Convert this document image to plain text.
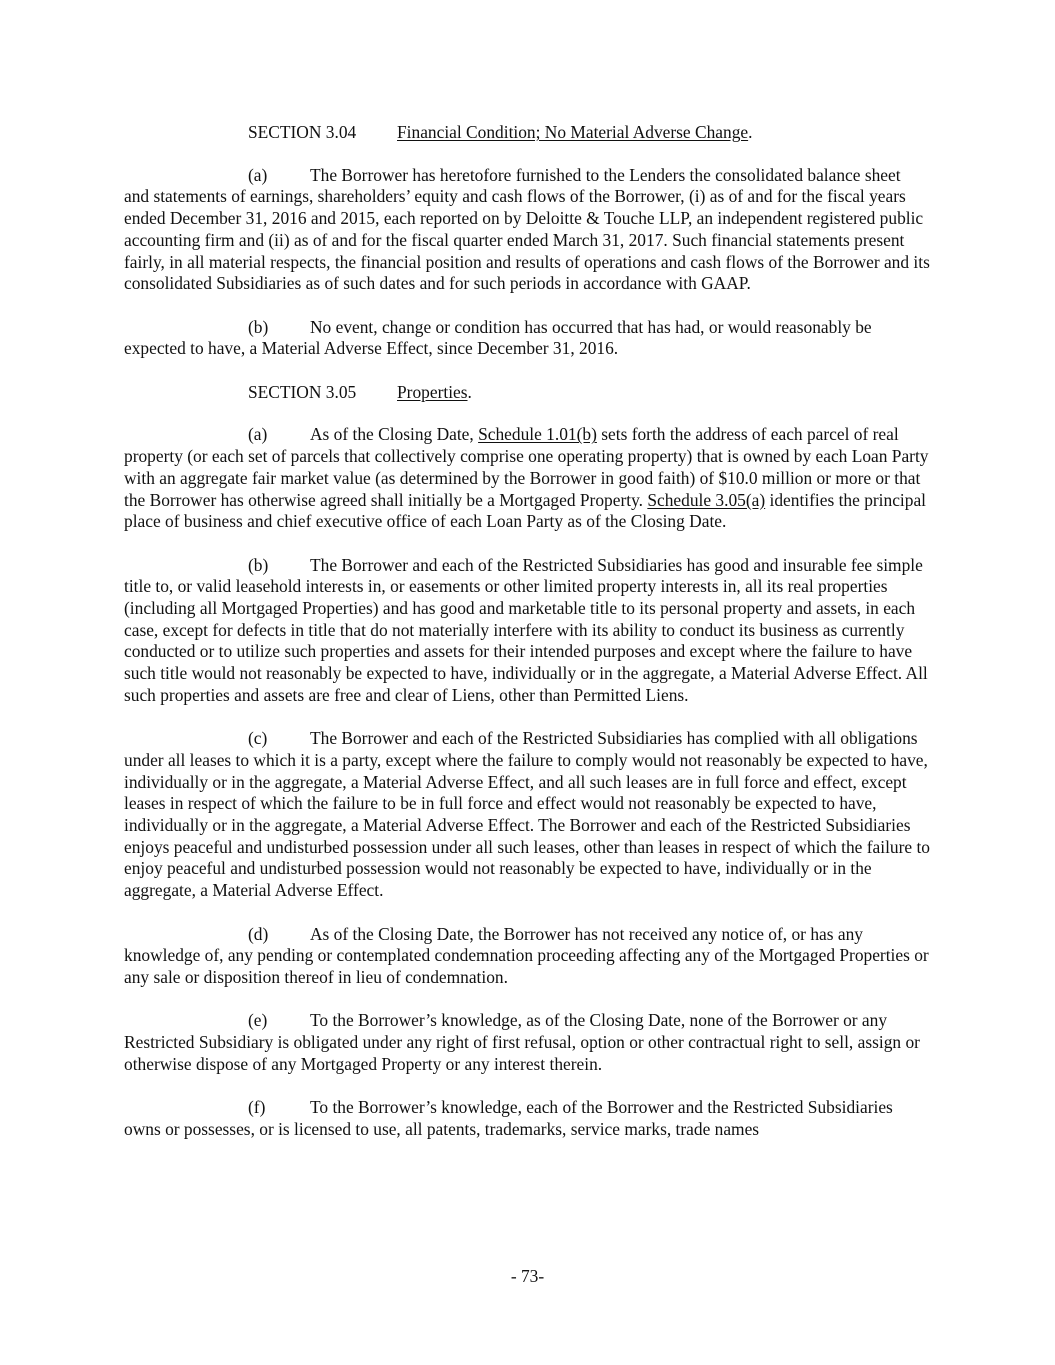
SECTION 3.04 Financial Condition; No Material Adverse Change.

(a) The Borrower has heretofore furnished to the Lenders the consolidated balance sheet and statements of earnings, shareholders’ equity and cash flows of the Borrower, (i) as of and for the fiscal years ended December 31, 2016 and 2015, each reported on by Deloitte & Touche LLP, an independent registered public accounting firm and (ii) as of and for the fiscal quarter ended March 31, 2017. Such financial statements present fairly, in all material respects, the financial position and results of operations and cash flows of the Borrower and its consolidated Subsidiaries as of such dates and for such periods in accordance with GAAP.

(b) No event, change or condition has occurred that has had, or would reasonably be expected to have, a Material Adverse Effect, since December 31, 2016.

SECTION 3.05 Properties.

(a) As of the Closing Date, Schedule 1.01(b) sets forth the address of each parcel of real property (or each set of parcels that collectively comprise one operating property) that is owned by each Loan Party with an aggregate fair market value (as determined by the Borrower in good faith) of $10.0 million or more or that the Borrower has otherwise agreed shall initially be a Mortgaged Property. Schedule 3.05(a) identifies the principal place of business and chief executive office of each Loan Party as of the Closing Date.

(b) The Borrower and each of the Restricted Subsidiaries has good and insurable fee simple title to, or valid leasehold interests in, or easements or other limited property interests in, all its real properties (including all Mortgaged Properties) and has good and marketable title to its personal property and assets, in each case, except for defects in title that do not materially interfere with its ability to conduct its business as currently conducted or to utilize such properties and assets for their intended purposes and except where the failure to have such title would not reasonably be expected to have, individually or in the aggregate, a Material Adverse Effect. All such properties and assets are free and clear of Liens, other than Permitted Liens.

(c) The Borrower and each of the Restricted Subsidiaries has complied with all obligations under all leases to which it is a party, except where the failure to comply would not reasonably be expected to have, individually or in the aggregate, a Material Adverse Effect, and all such leases are in full force and effect, except leases in respect of which the failure to be in full force and effect would not reasonably be expected to have, individually or in the aggregate, a Material Adverse Effect. The Borrower and each of the Restricted Subsidiaries enjoys peaceful and undisturbed possession under all such leases, other than leases in respect of which the failure to enjoy peaceful and undisturbed possession would not reasonably be expected to have, individually or in the aggregate, a Material Adverse Effect.

(d) As of the Closing Date, the Borrower has not received any notice of, or has any knowledge of, any pending or contemplated condemnation proceeding affecting any of the Mortgaged Properties or any sale or disposition thereof in lieu of condemnation.

(e) To the Borrower’s knowledge, as of the Closing Date, none of the Borrower or any Restricted Subsidiary is obligated under any right of first refusal, option or other contractual right to sell, assign or otherwise dispose of any Mortgaged Property or any interest therein.

(f)	To the Borrower’s knowledge, each of the Borrower and the Restricted Subsidiaries owns or possesses, or is licensed to use, all patents, trademarks, service marks, trade names

- 73-
